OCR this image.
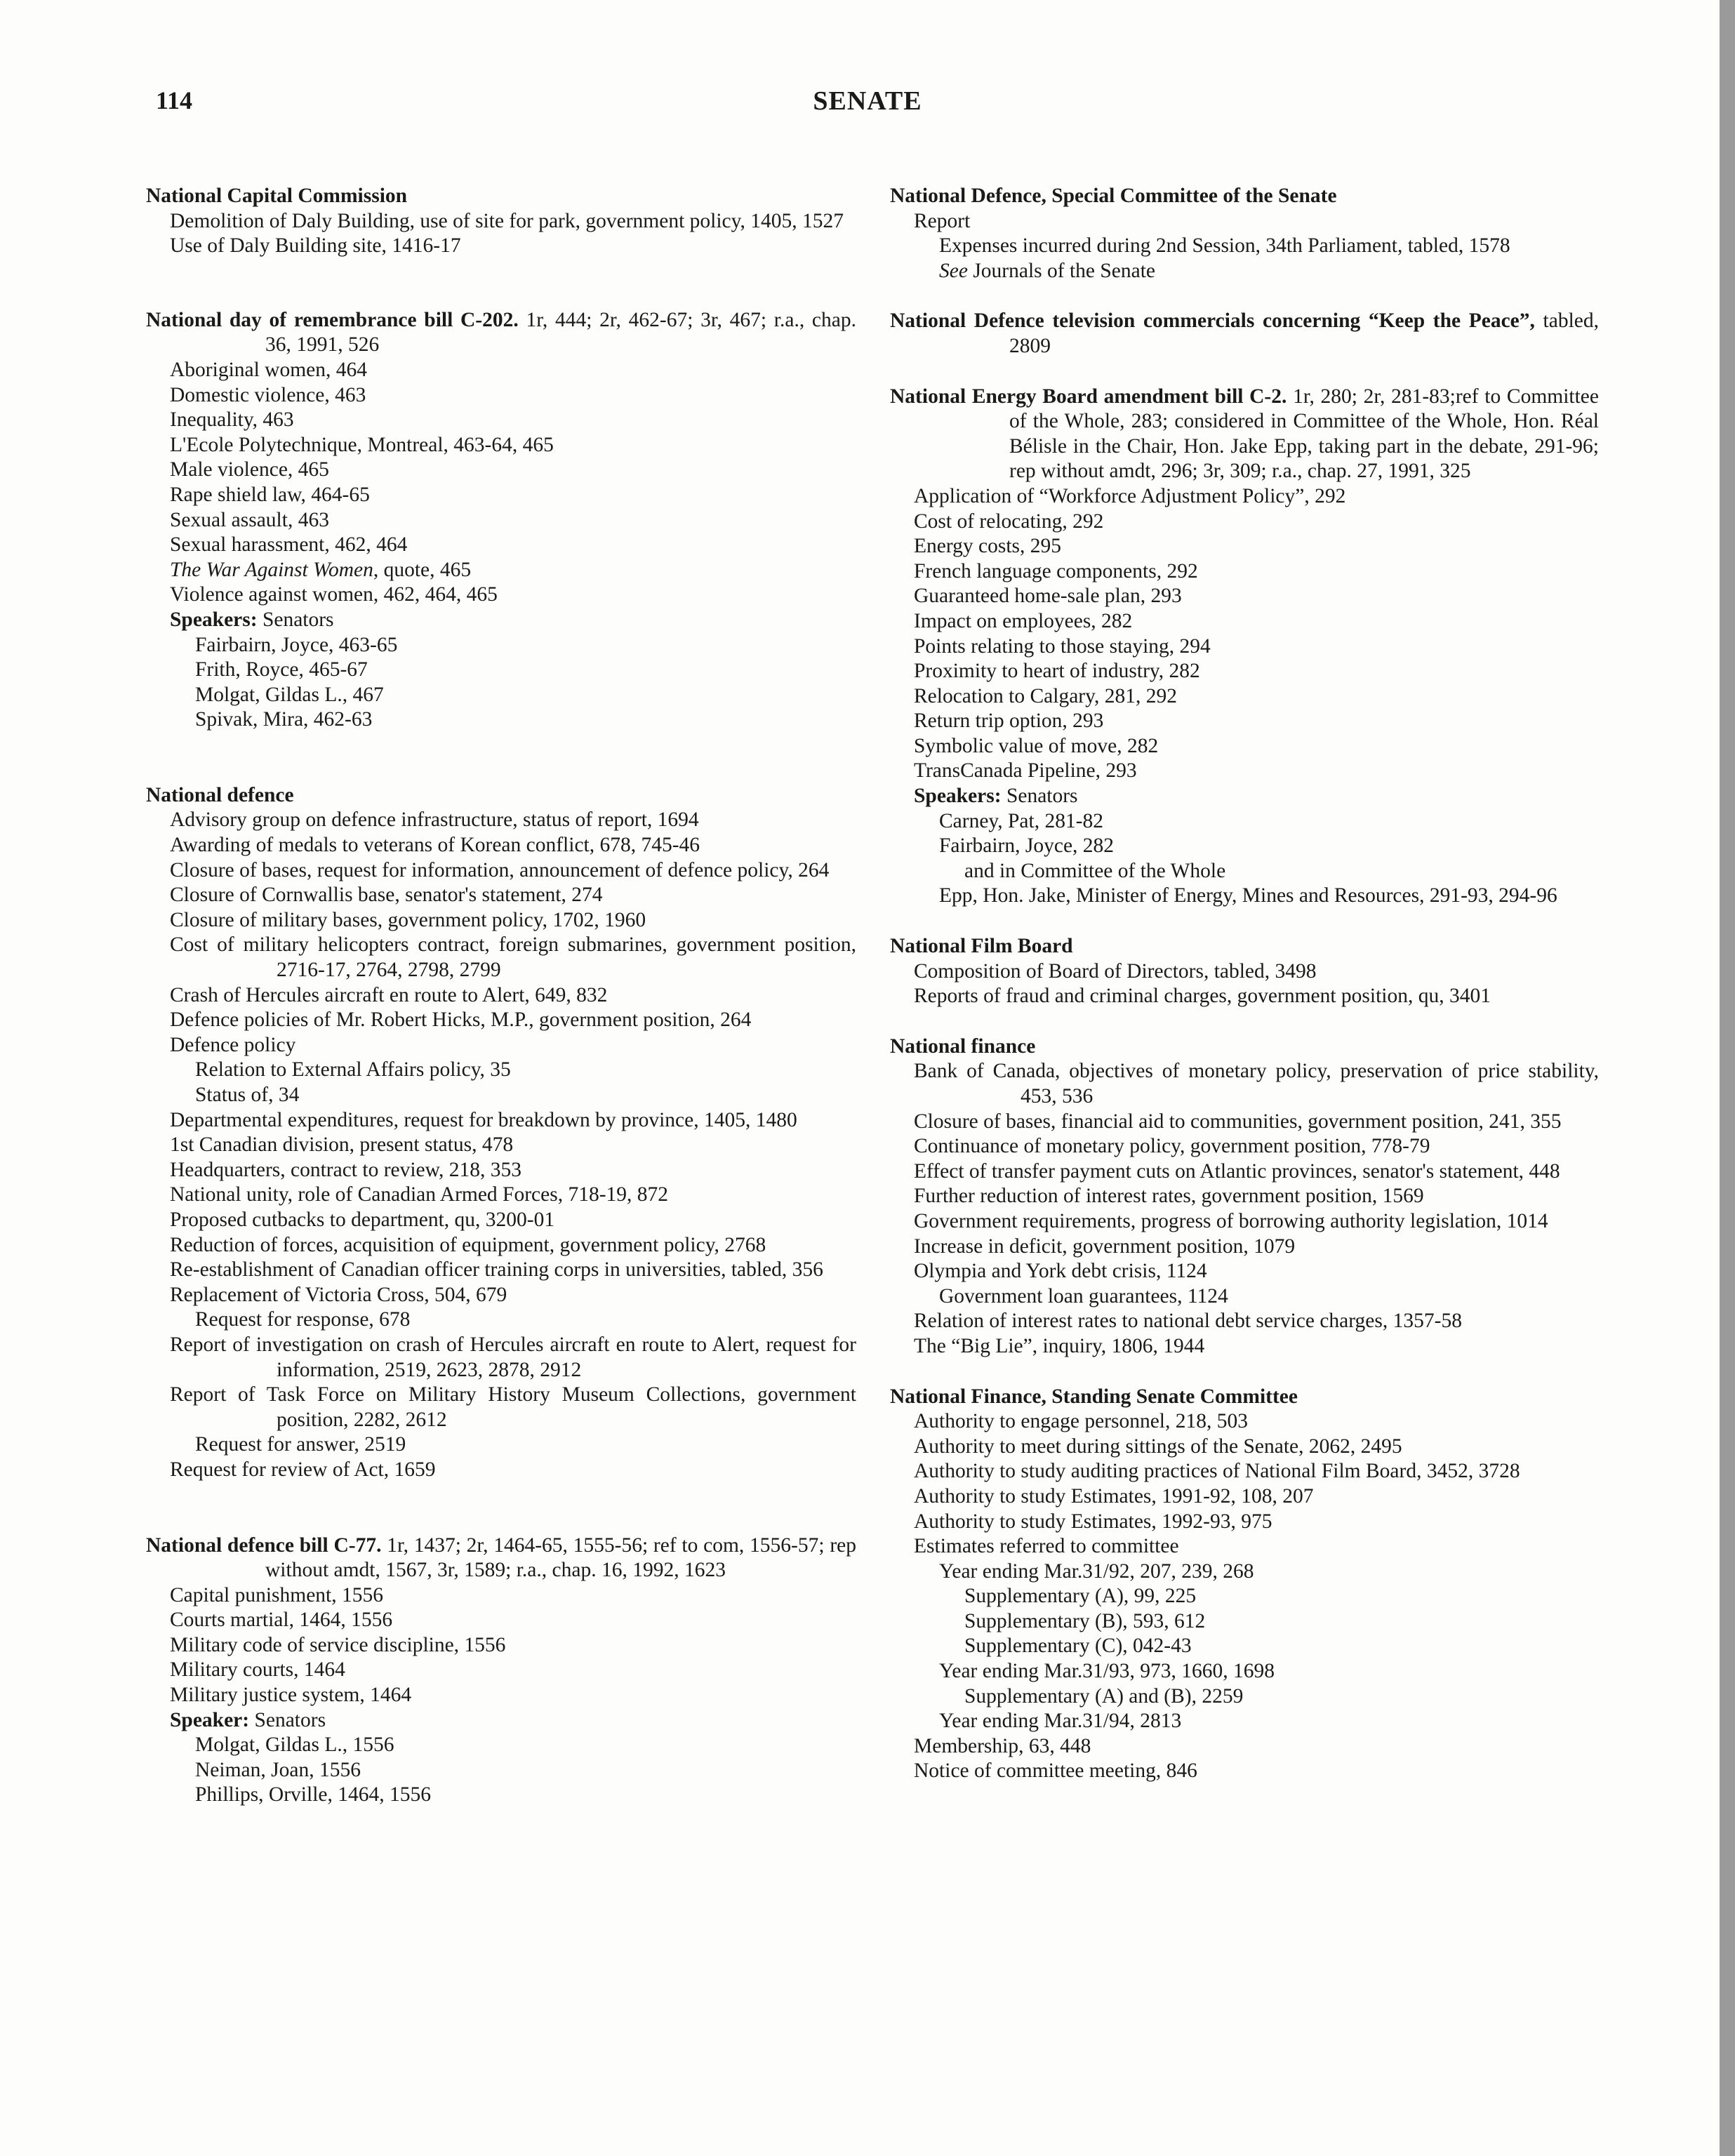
114	SENATE
National Capital Commission
Demolition of Daly Building, use of site for park, government policy, 1405, 1527
Use of Daly Building site, 1416-17
National day of remembrance bill C-202. 1r, 444; 2r, 462-67; 3r, 467; r.a., chap. 36, 1991, 526
Aboriginal women, 464
Domestic violence, 463
Inequality, 463
L'Ecole Polytechnique, Montreal, 463-64, 465
Male violence, 465
Rape shield law, 464-65
Sexual assault, 463
Sexual harassment, 462, 464
The War Against Women, quote, 465
Violence against women, 462, 464, 465
Speakers: Senators
Fairbairn, Joyce, 463-65
Frith, Royce, 465-67
Molgat, Gildas L., 467
Spivak, Mira, 462-63
National defence
Advisory group on defence infrastructure, status of report, 1694
Awarding of medals to veterans of Korean conflict, 678, 745-46
Closure of bases, request for information, announcement of defence policy, 264
Closure of Cornwallis base, senator's statement, 274
Closure of military bases, government policy, 1702, 1960
Cost of military helicopters contract, foreign submarines, government position, 2716-17, 2764, 2798, 2799
Crash of Hercules aircraft en route to Alert, 649, 832
Defence policies of Mr. Robert Hicks, M.P., government position, 264
Defence policy
Relation to External Affairs policy, 35
Status of, 34
Departmental expenditures, request for breakdown by province, 1405, 1480
1st Canadian division, present status, 478
Headquarters, contract to review, 218, 353
National unity, role of Canadian Armed Forces, 718-19, 872
Proposed cutbacks to department, qu, 3200-01
Reduction of forces, acquisition of equipment, government policy, 2768
Re-establishment of Canadian officer training corps in universities, tabled, 356
Replacement of Victoria Cross, 504, 679
Request for response, 678
Report of investigation on crash of Hercules aircraft en route to Alert, request for information, 2519, 2623, 2878, 2912
Report of Task Force on Military History Museum Collections, government position, 2282, 2612
Request for answer, 2519
Request for review of Act, 1659
National defence bill C-77. 1r, 1437; 2r, 1464-65, 1555-56; ref to com, 1556-57; rep without amdt, 1567, 3r, 1589; r.a., chap. 16, 1992, 1623
Capital punishment, 1556
Courts martial, 1464, 1556
Military code of service discipline, 1556
Military courts, 1464
Military justice system, 1464
Speaker: Senators
Molgat, Gildas L., 1556
Neiman, Joan, 1556
Phillips, Orville, 1464, 1556
National Defence, Special Committee of the Senate
Report
Expenses incurred during 2nd Session, 34th Parliament, tabled, 1578
See Journals of the Senate
National Defence television commercials concerning “Keep the Peace”, tabled, 2809
National Energy Board amendment bill C-2. 1r, 280; 2r, 281-83;ref to Committee of the Whole, 283; considered in Committee of the Whole, Hon. Réal Bélisle in the Chair, Hon. Jake Epp, taking part in the debate, 291-96; rep without amdt, 296; 3r, 309; r.a., chap. 27, 1991, 325
Application of “Workforce Adjustment Policy”, 292
Cost of relocating, 292
Energy costs, 295
French language components, 292
Guaranteed home-sale plan, 293
Impact on employees, 282
Points relating to those staying, 294
Proximity to heart of industry, 282
Relocation to Calgary, 281, 292
Return trip option, 293
Symbolic value of move, 282
TransCanada Pipeline, 293
Speakers: Senators
Carney, Pat, 281-82
Fairbairn, Joyce, 282
and in Committee of the Whole
Epp, Hon. Jake, Minister of Energy, Mines and Resources, 291-93, 294-96
National Film Board
Composition of Board of Directors, tabled, 3498
Reports of fraud and criminal charges, government position, qu, 3401
National finance
Bank of Canada, objectives of monetary policy, preservation of price stability, 453, 536
Closure of bases, financial aid to communities, government position, 241, 355
Continuance of monetary policy, government position, 778-79
Effect of transfer payment cuts on Atlantic provinces, senator's statement, 448
Further reduction of interest rates, government position, 1569
Government requirements, progress of borrowing authority legislation, 1014
Increase in deficit, government position, 1079
Olympia and York debt crisis, 1124
Government loan guarantees, 1124
Relation of interest rates to national debt service charges, 1357-58
The “Big Lie”, inquiry, 1806, 1944
National Finance, Standing Senate Committee
Authority to engage personnel, 218, 503
Authority to meet during sittings of the Senate, 2062, 2495
Authority to study auditing practices of National Film Board, 3452, 3728
Authority to study Estimates, 1991-92, 108, 207
Authority to study Estimates, 1992-93, 975
Estimates referred to committee
Year ending Mar.31/92, 207, 239, 268
Supplementary (A), 99, 225
Supplementary (B), 593, 612
Supplementary (C), 042-43
Year ending Mar.31/93, 973, 1660, 1698
Supplementary (A) and (B), 2259
Year ending Mar.31/94, 2813
Membership, 63, 448
Notice of committee meeting, 846
